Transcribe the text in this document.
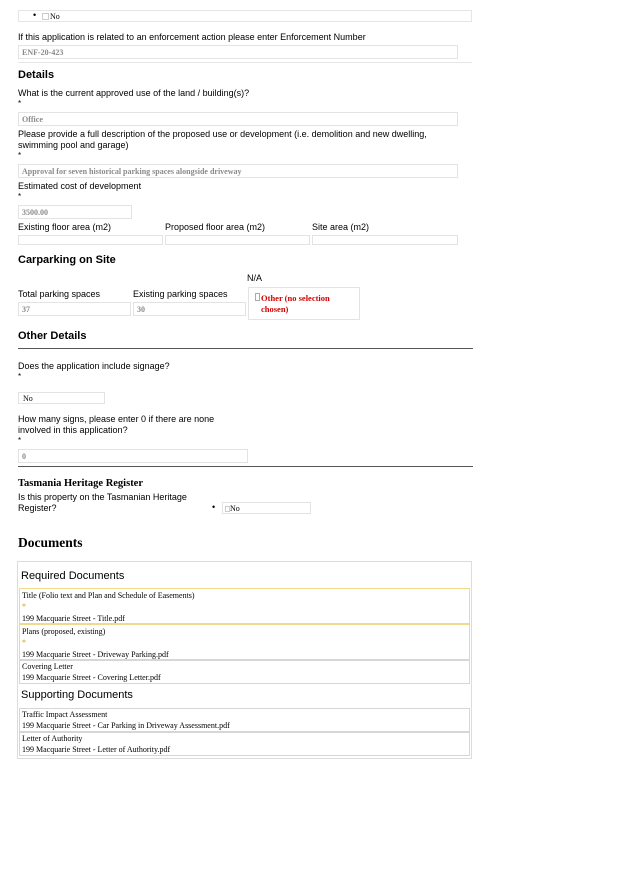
• No
If this application is related to an enforcement action please enter Enforcement Number
ENF-20-423
Details
What is the current approved use of the land / building(s)?
*
Office
Please provide a full description of the proposed use or development (i.e. demolition and new dwelling, swimming pool and garage)
*
Approval for seven historical parking spaces alongside driveway
Estimated cost of development
*
3500.00
Existing floor area (m2)	Proposed floor area (m2)	Site area (m2)
Carparking on Site
N/A
Total parking spaces	Existing parking spaces
37	30
Other (no selection chosen)
Other Details
Does the application include signage?
*
No
How many signs, please enter 0 if there are none involved in this application?
*
0
Tasmania Heritage Register
Is this property on the Tasmanian Heritage Register?	• No
Documents
Required Documents
Title (Folio text and Plan and Schedule of Easements)
*
199 Macquarie Street - Title.pdf
Plans (proposed, existing)
*
199 Macquarie Street - Driveway Parking.pdf
Covering Letter
199 Macquarie Street - Covering Letter.pdf
Supporting Documents
Traffic Impact Assessment
199 Macquarie Street - Car Parking in Driveway Assessment.pdf
Letter of Authority
199 Macquarie Street - Letter of Authority.pdf
